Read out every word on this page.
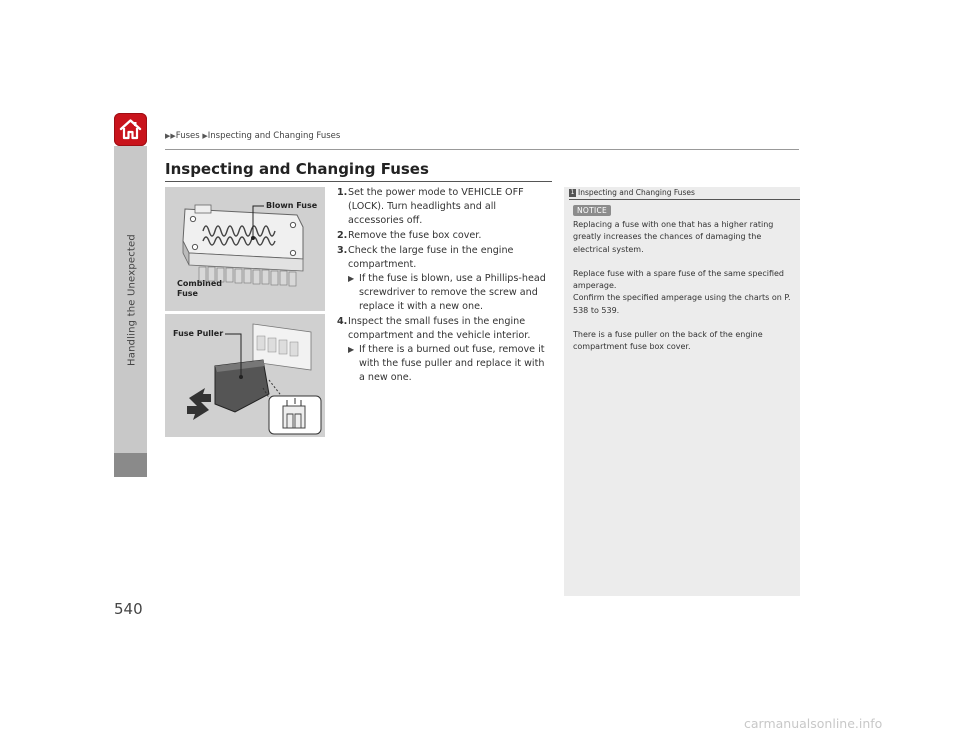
Handling the Unexpected
▶▶Fuses ▶Inspecting and Changing Fuses
Inspecting and Changing Fuses
Blown Fuse
Combined
Fuse
Fuse Puller
1. Set the power mode to VEHICLE OFF (LOCK). Turn headlights and all accessories off.
2. Remove the fuse box cover.
3. Check the large fuse in the engine compartment.
▶ If the fuse is blown, use a Phillips-head screwdriver to remove the screw and replace it with a new one.
4. Inspect the small fuses in the engine compartment and the vehicle interior.
▶ If there is a burned out fuse, remove it with the fuse puller and replace it with a new one.
1 Inspecting and Changing Fuses
NOTICE

Replacing a fuse with one that has a higher rating greatly increases the chances of damaging the electrical system.

Replace fuse with a spare fuse of the same specified amperage.
Confirm the specified amperage using the charts on P. 538 to 539.

There is a fuse puller on the back of the engine compartment fuse box cover.

540
carmanualsonline.info
